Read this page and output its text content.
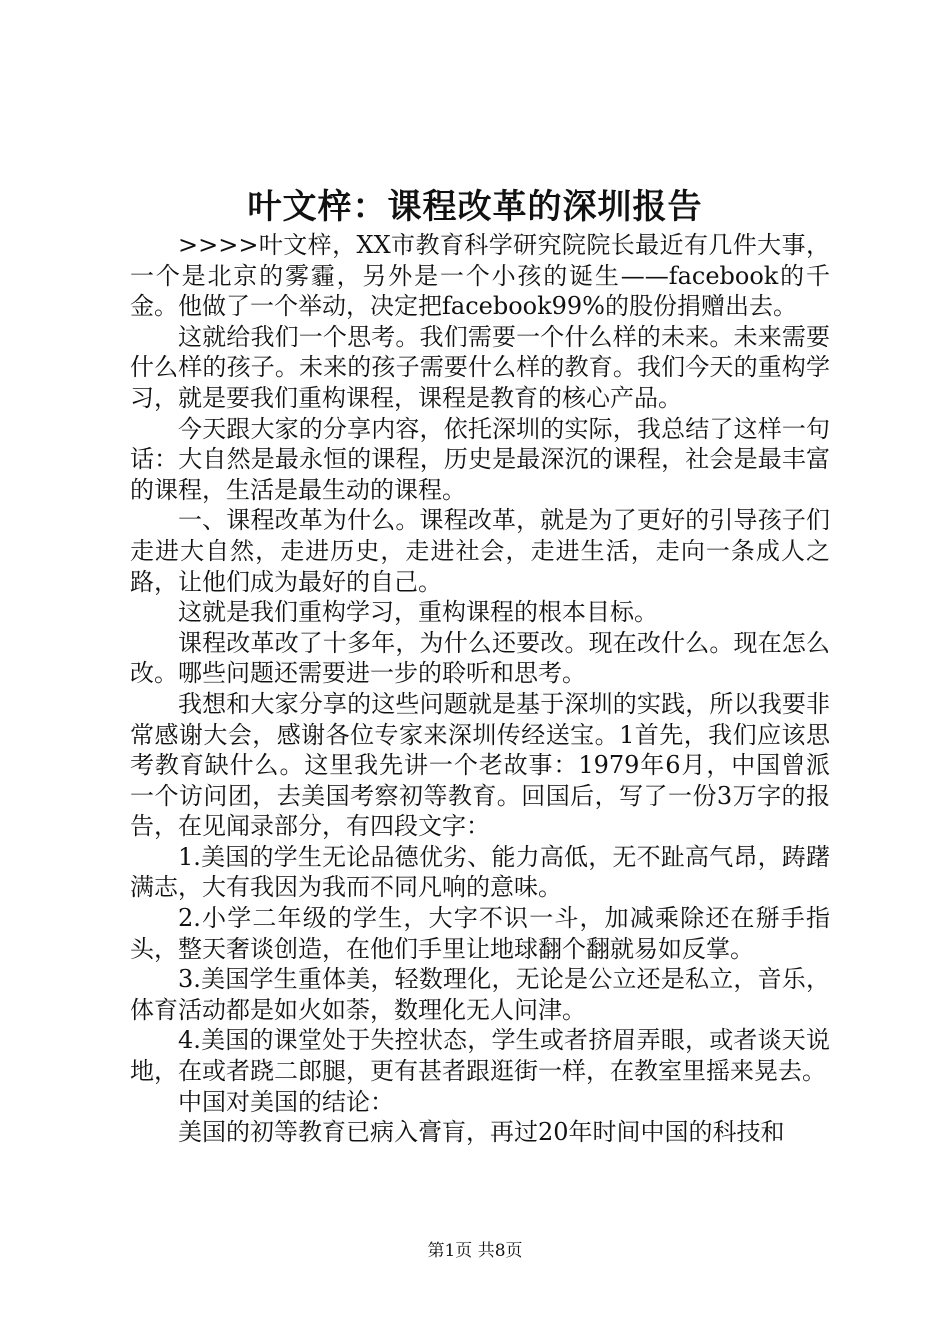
叶文梓：课程改革的深圳报告

>>>>叶文梓，XX市教育科学研究院院长最近有几件大事，一个是北京的雾霾，另外是一个小孩的诞生——facebook的千金。他做了一个举动，决定把facebook99%的股份捐赠出去。

这就给我们一个思考。我们需要一个什么样的未来。未来需要什么样的孩子。未来的孩子需要什么样的教育。我们今天的重构学习，就是要我们重构课程，课程是教育的核心产品。

今天跟大家的分享内容，依托深圳的实际，我总结了这样一句话：大自然是最永恒的课程，历史是最深沉的课程，社会是最丰富的课程，生活是最生动的课程。

一、课程改革为什么。课程改革，就是为了更好的引导孩子们走进大自然，走进历史，走进社会，走进生活，走向一条成人之路，让他们成为最好的自己。

这就是我们重构学习，重构课程的根本目标。

课程改革改了十多年，为什么还要改。现在改什么。现在怎么改。哪些问题还需要进一步的聆听和思考。

我想和大家分享的这些问题就是基于深圳的实践，所以我要非常感谢大会，感谢各位专家来深圳传经送宝。1首先，我们应该思考教育缺什么。这里我先讲一个老故事：1979年6月，中国曾派一个访问团，去美国考察初等教育。回国后，写了一份3万字的报告，在见闻录部分，有四段文字：

1.美国的学生无论品德优劣、能力高低，无不趾高气昂，踌躇满志，大有我因为我而不同凡响的意味。

2.小学二年级的学生，大字不识一斗，加减乘除还在掰手指头，整天奢谈创造，在他们手里让地球翻个翻就易如反掌。

3.美国学生重体美，轻数理化，无论是公立还是私立，音乐，体育活动都是如火如荼，数理化无人问津。

4.美国的课堂处于失控状态，学生或者挤眉弄眼，或者谈天说地，在或者跷二郎腿，更有甚者跟逛街一样，在教室里摇来晃去。

中国对美国的结论：

美国的初等教育已病入膏肓，再过20年时间中国的科技和

第1页 共8页
